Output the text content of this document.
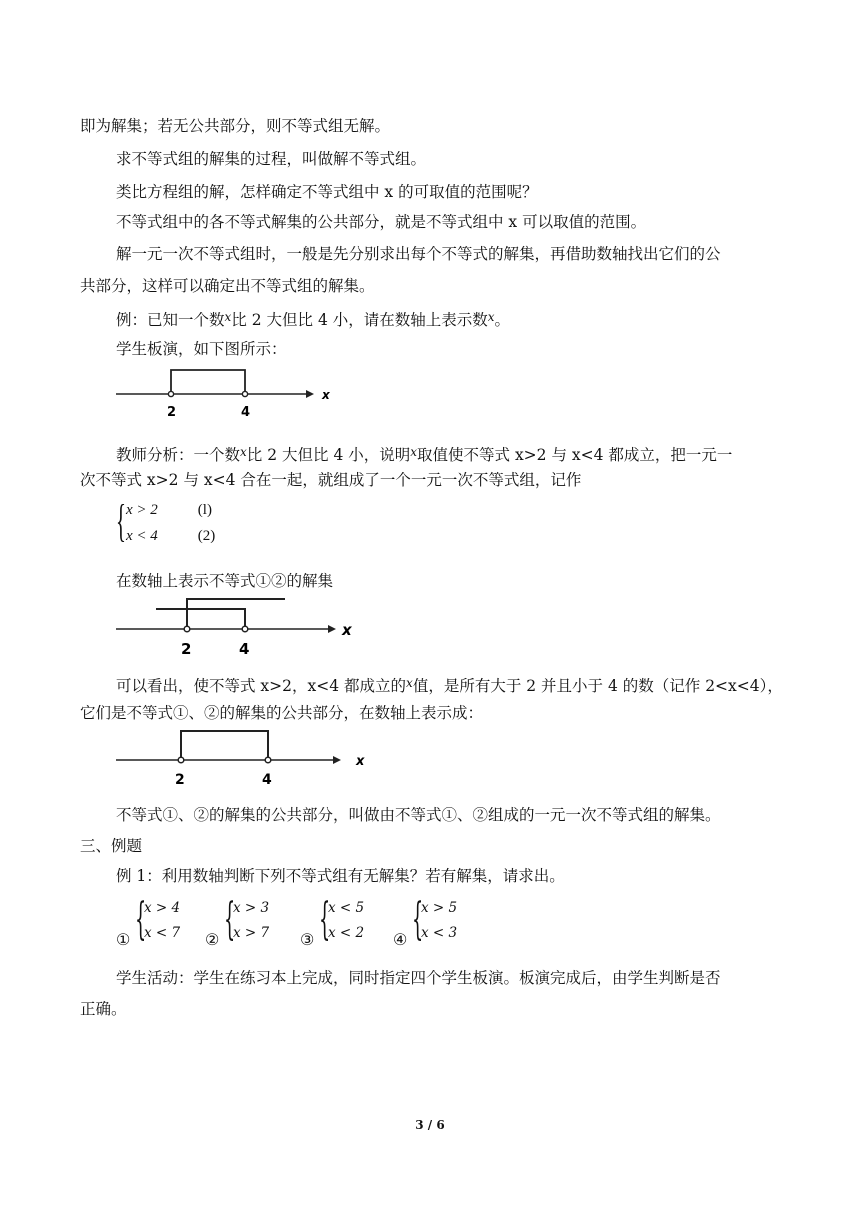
即为解集；若无公共部分，则不等式组无解。
求不等式组的解集的过程，叫做解不等式组。
类比方程组的解，怎样确定不等式组中 x 的可取值的范围呢？
不等式组中的各不等式解集的公共部分，就是不等式组中 x 可以取值的范围。
解一元一次不等式组时，一般是先分别求出每个不等式的解集，再借助数轴找出它们的公
共部分，这样可以确定出不等式组的解集。
例：已知一个数$^x$比 2 大但比 4 小，请在数轴上表示数$^x$。
学生板演，如下图所示：
2	4
x
教师分析：一个数$^x$比 2 大但比 4 小，说明$^x$取值使不等式 x>2 与 x<4 都成立，把一元一
次不等式 x>2 与 x<4 合在一起，就组成了一个一元一次不等式组，记作
{ x > 2	(l)
x < 4	(2)
在数轴上表示不等式①②的解集
2	4
x
可以看出，使不等式 x>2，x<4 都成立的$^x$值，是所有大于 2 并且小于 4 的数（记作 2<x<4），
它们是不等式①、②的解集的公共部分，在数轴上表示成：
2	4
x
不等式①、②的解集的公共部分，叫做由不等式①、②组成的一元一次不等式组的解集。
三、例题
例 1：利用数轴判断下列不等式组有无解集？若有解集，请求出。
① {
x > 4
x < 7 ② {
x > 3
x > 7 ③ {
x < 5
x < 2 ④ {
x > 5
x < 3
学生活动：学生在练习本上完成，同时指定四个学生板演。板演完成后，由学生判断是否
正确。
3 / 6
